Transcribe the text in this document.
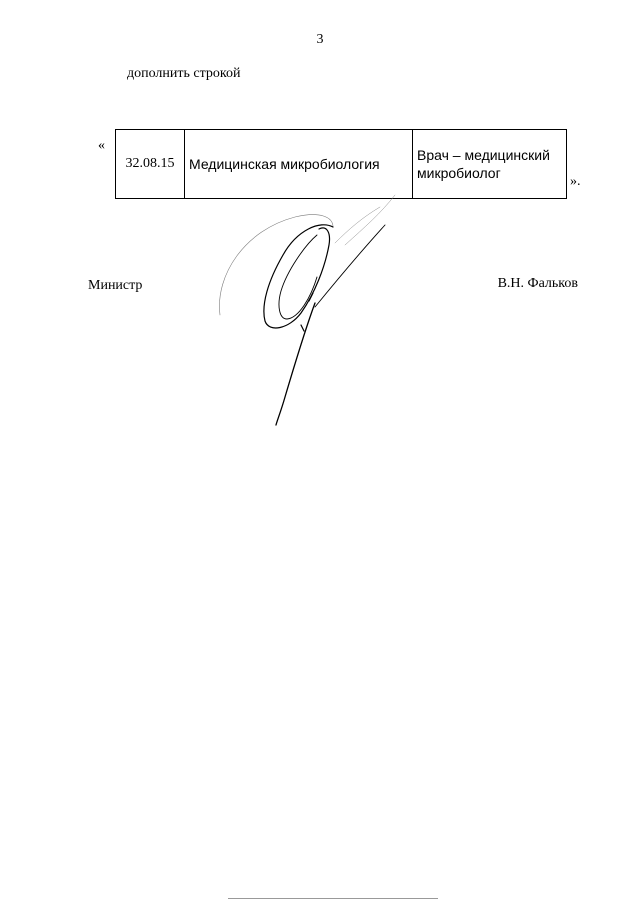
3
дополнить строкой
«
32.08.15	Медицинская микробиология	Врач – медицинский микробиолог
».
Министр	В.Н. Фальков
